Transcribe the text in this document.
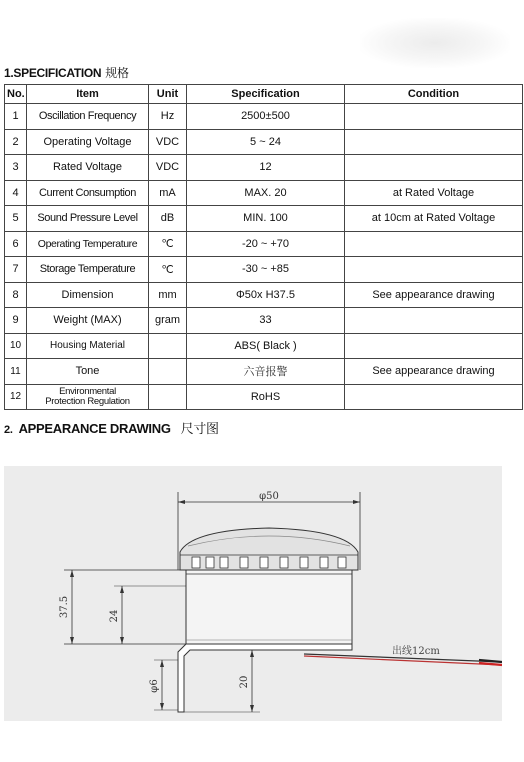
1.SPECIFICATION 规格
No.	Item	Unit	Specification	Condition
1	Oscillation Frequency	Hz	2500±500	
2	Operating Voltage	VDC	5 ~ 24	
3	Rated Voltage	VDC	12	
4	Current Consumption	mA	MAX. 20	at Rated Voltage
5	Sound Pressure Level	dB	MIN. 100	at 10cm at Rated Voltage
6	Operating Temperature	℃	-20 ~ +70	
7	Storage Temperature	℃	-30 ~ +85	
8	Dimension	mm	Φ50x H37.5	See appearance drawing
9	Weight (MAX)	gram	33	
10	Housing Material		ABS( Black )	
11	Tone		六音报警	See appearance drawing
12	Environmental
Protection Regulation		RoHS	
2. APPEARANCE DRAWING 尺寸图
φ50
出线12cm
37.5	24
φ6	20
